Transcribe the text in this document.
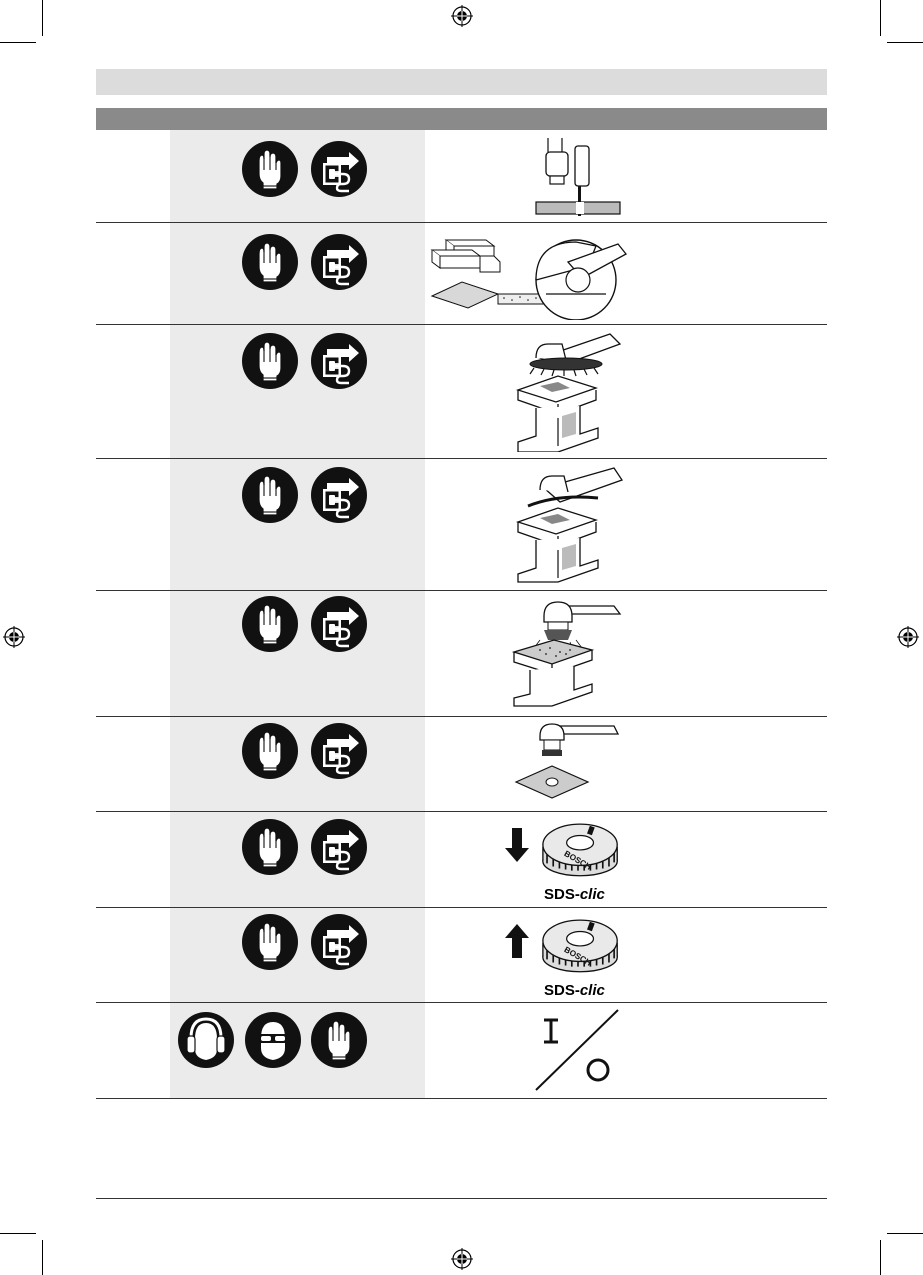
SDS-clic
SDS-clic
